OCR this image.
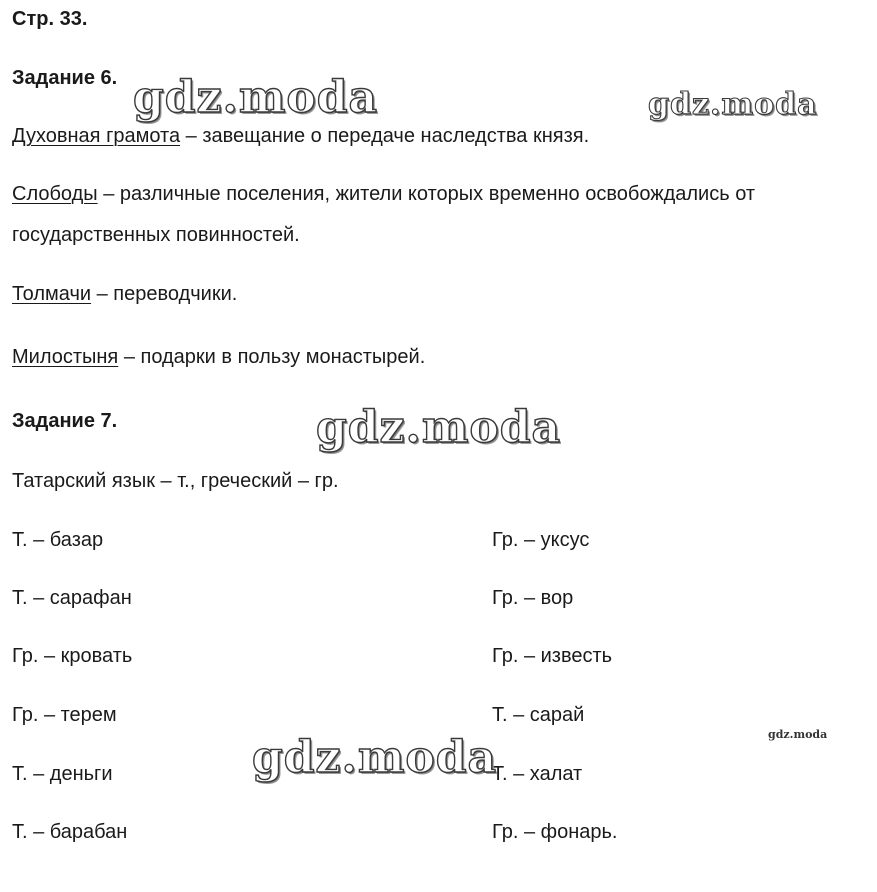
Стр. 33.
Задание 6.
Духовная грамота – завещание о передаче наследства князя.
Слободы – различные поселения, жители которых временно освобождались от
государственных повинностей.
Толмачи – переводчики.
Милостыня – подарки в пользу монастырей.
Задание 7.
Татарский язык – т., греческий – гр.
Т. – базар	Гр. – уксус
Т. – сарафан	Гр. – вор
Гр. – кровать	Гр. – известь
Гр. – терем	Т. – сарай
Т. – деньги	Т. – халат
Т. – барабан	Гр. – фонарь.
gdz.moda	gdz.moda
gdz.moda
gdz.moda	gdz.moda
